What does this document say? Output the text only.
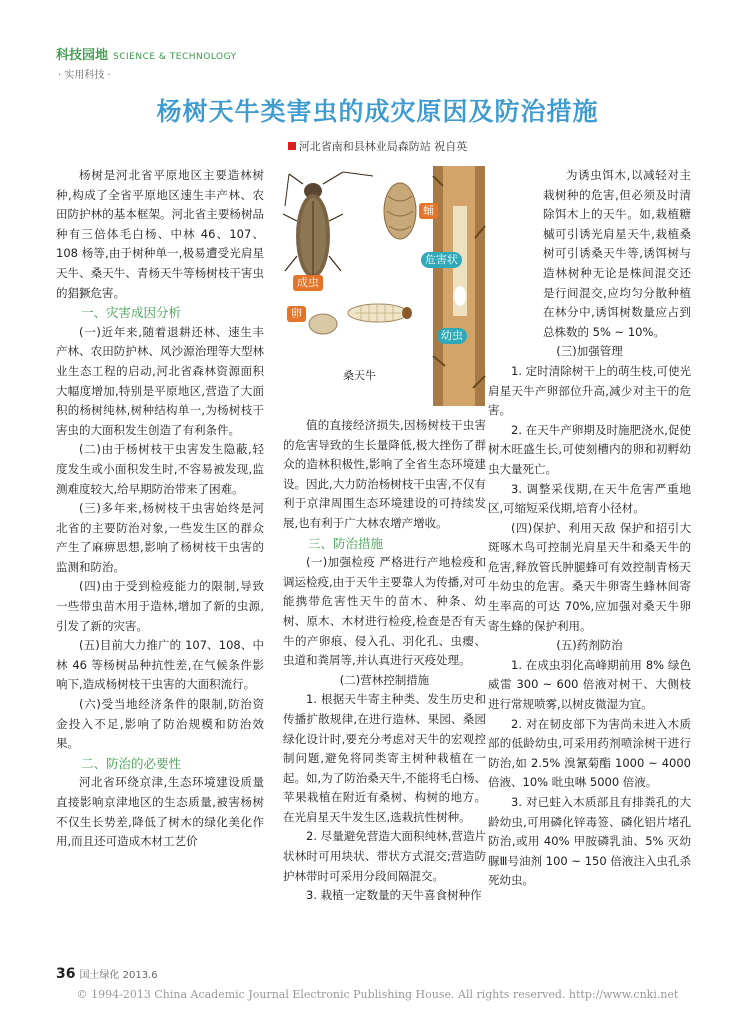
科技园地 SCIENCE & TECHNOLOGY
· 实用科技 ·
杨树天牛类害虫的成灾原因及防治措施
河北省南和县林业局森防站 祝自英

杨树是河北省平原地区主要造林树种,构成了全省平原地区速生丰产林、农田防护林的基本框架。河北省主要杨树品种有三倍体毛白杨、中林 46、107、108 杨等,由于树种单一,极易遭受光肩星天牛、桑天牛、青杨天牛等杨树枝干害虫的猖獗危害。

一、灾害成因分析

(一)近年来,随着退耕还林、速生丰产林、农田防护林、风沙源治理等大型林业生态工程的启动,河北省森林资源面积大幅度增加,特别是平原地区,营造了大面积的杨树纯林,树种结构单一,为杨树枝干害虫的大面积发生创造了有利条件。

(二)由于杨树枝干虫害发生隐蔽,轻度发生或小面积发生时,不容易被发现,监测难度较大,给早期防治带来了困难。

(三)多年来,杨树枝干虫害始终是河北省的主要防治对象,一些发生区的群众产生了麻痹思想,影响了杨树枝干虫害的监测和防治。

(四)由于受到检疫能力的限制,导致一些带虫苗木用于造林,增加了新的虫源,引发了新的灾害。

(五)目前大力推广的 107、108、中林 46 等杨树品种抗性差,在气候条件影响下,造成杨树枝干虫害的大面积流行。

(六)受当地经济条件的限制,防治资金投入不足,影响了防治规模和防治效果。

二、防治的必要性

河北省环绕京津,生态环境建设质量直接影响京津地区的生态质量,被害杨树不仅生长势差,降低了树木的绿化美化作用,而且还可造成木材工艺价

值的直接经济损失,因杨树枝干虫害的危害导致的生长量降低,极大挫伤了群众的造林积极性,影响了全省生态环境建设。因此,大力防治杨树枝干虫害,不仅有利于京津周围生态环境建设的可持续发展,也有利于广大林农增产增收。

三、防治措施

(一)加强检疫 严格进行产地检疫和调运检疫,由于天牛主要靠人为传播,对可能携带危害性天牛的苗木、种条、幼树、原木、木材进行检疫,检查是否有天牛的产卵痕、侵入孔、羽化孔、虫瘿、虫道和粪屑等,并认真进行灭疫处理。

(二)营林控制措施

1. 根据天牛寄主种类、发生历史和传播扩散规律,在进行造林、果园、桑园绿化设计时,要充分考虑对天牛的宏观控制问题,避免将同类寄主树种栽植在一起。如,为了防治桑天牛,不能将毛白杨、苹果栽植在附近有桑树、构树的地方。在光肩星天牛发生区,选栽抗性树种。

2. 尽量避免营造大面积纯林,营造片状林时可用块状、带状方式混交;营造防护林带时可采用分段间隔混交。

3. 栽植一定数量的天牛喜食树种作

为诱虫饵木,以减轻对主栽树种的危害,但必须及时清除饵木上的天牛。如,栽植糖槭可引诱光肩星天牛,栽植桑树可引诱桑天牛等,诱饵树与造林树种无论是株间混交还是行间混交,应均匀分散种植在林分中,诱饵树数量应占到总株数的 5% ~ 10%。

(三)加强管理

1. 定时清除树干上的萌生枝,可使光肩星天牛产卵部位升高,减少对主干的危害。

2. 在天牛产卵期及时施肥浇水,促使树木旺盛生长,可使刻槽内的卵和初孵幼虫大量死亡。

3. 调整采伐期,在天牛危害严重地区,可缩短采伐期,培育小径材。

(四)保护、利用天敌 保护和招引大斑啄木鸟可控制光肩星天牛和桑天牛的危害,释放管氏肿腿蜂可有效控制青杨天牛幼虫的危害。桑天牛卵寄生蜂林间寄生率高的可达 70%,应加强对桑天牛卵寄生蜂的保护利用。

(五)药剂防治

1. 在成虫羽化高峰期前用 8% 绿色威雷 300 ~ 600 倍液对树干、大侧枝进行常规喷雾,以树皮微湿为宜。

2. 对在韧皮部下为害尚未进入木质部的低龄幼虫,可采用药剂喷涂树干进行防治,如 2.5% 溴氰菊酯 1000 ~ 4000 倍液、10% 吡虫啉 5000 倍液。

3. 对已蛀入木质部且有排粪孔的大龄幼虫,可用磷化锌毒签、磷化铝片堵孔防治,或用 40% 甲胺磷乳油、5% 灭幼脲Ⅲ号油剂 100 ~ 150 倍液注入虫孔杀死幼虫。

成虫
蛹
危害状
卵
幼虫
桑天牛
36 国土绿化 2013.6
© 1994-2013 China Academic Journal Electronic Publishing House. All rights reserved. http://www.cnki.net
